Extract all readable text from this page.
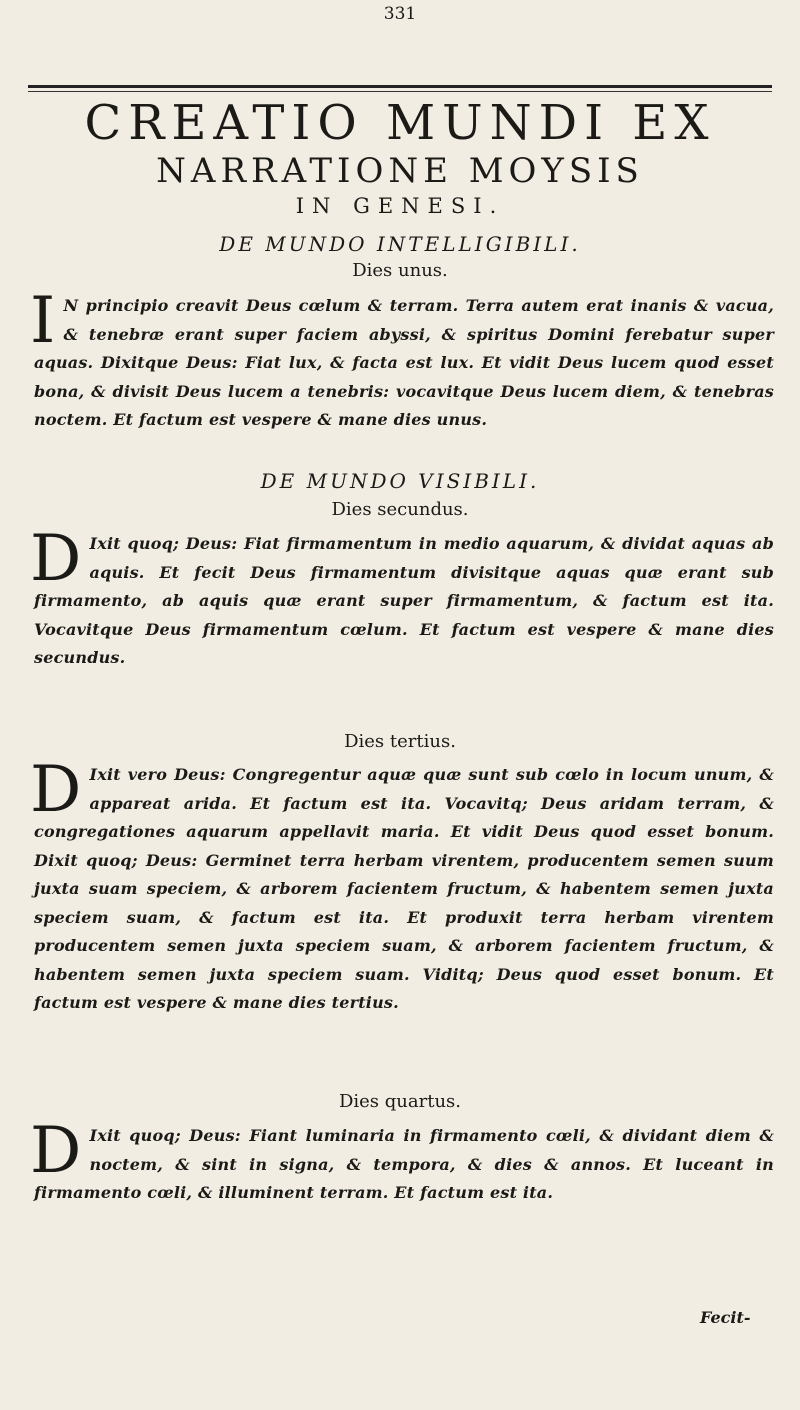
331
CREATIO MUNDI EX
NARRATIONE MOYSIS
IN GENESI.
DE MUNDO INTELLIGIBILI.
Dies unus.
I N principio creavit Deus cœlum & terram. Terra autem erat inanis & vacua, & tenebræ erant super faciem abyssi, & spiritus Domini ferebatur super aquas. Dixitque Deus: Fiat lux, & facta est lux. Et vidit Deus lucem quod esset bona, & divisit Deus lucem a tenebris: vocavitque Deus lucem diem, & tenebras noctem. Et factum est vespere & mane dies unus.

DE MUNDO VISIBILI.
Dies secundus.
D Ixit quoq; Deus: Fiat firmamentum in medio aquarum, & dividat aquas ab aquis. Et fecit Deus firmamentum divisitque aquas quæ erant sub firmamento, ab aquis quæ erant super firmamentum, & factum est ita. Vocavitque Deus firmamentum cœlum. Et factum est vespere & mane dies secundus.

Dies tertius.
D Ixit vero Deus: Congregentur aquæ quæ sunt sub cœlo in locum unum, & appareat arida. Et factum est ita. Vocavitq; Deus aridam terram, & congregationes aquarum appellavit maria. Et vidit Deus quod esset bonum. Dixit quoq; Deus: Germinet terra herbam virentem, producentem semen suum juxta suam speciem, & arborem facientem fructum, & habentem semen juxta speciem suam, & factum est ita. Et produxit terra herbam virentem producentem semen juxta speciem suam, & arborem facientem fructum, & habentem semen juxta speciem suam. Viditq; Deus quod esset bonum. Et factum est vespere & mane dies tertius.

Dies quartus.
D Ixit quoq; Deus: Fiant luminaria in firmamento cœli, & dividant diem & noctem, & sint in signa, & tempora, & dies & annos. Et luceant in firmamento cœli, & illuminent terram. Et factum est ita.

Fecit-
